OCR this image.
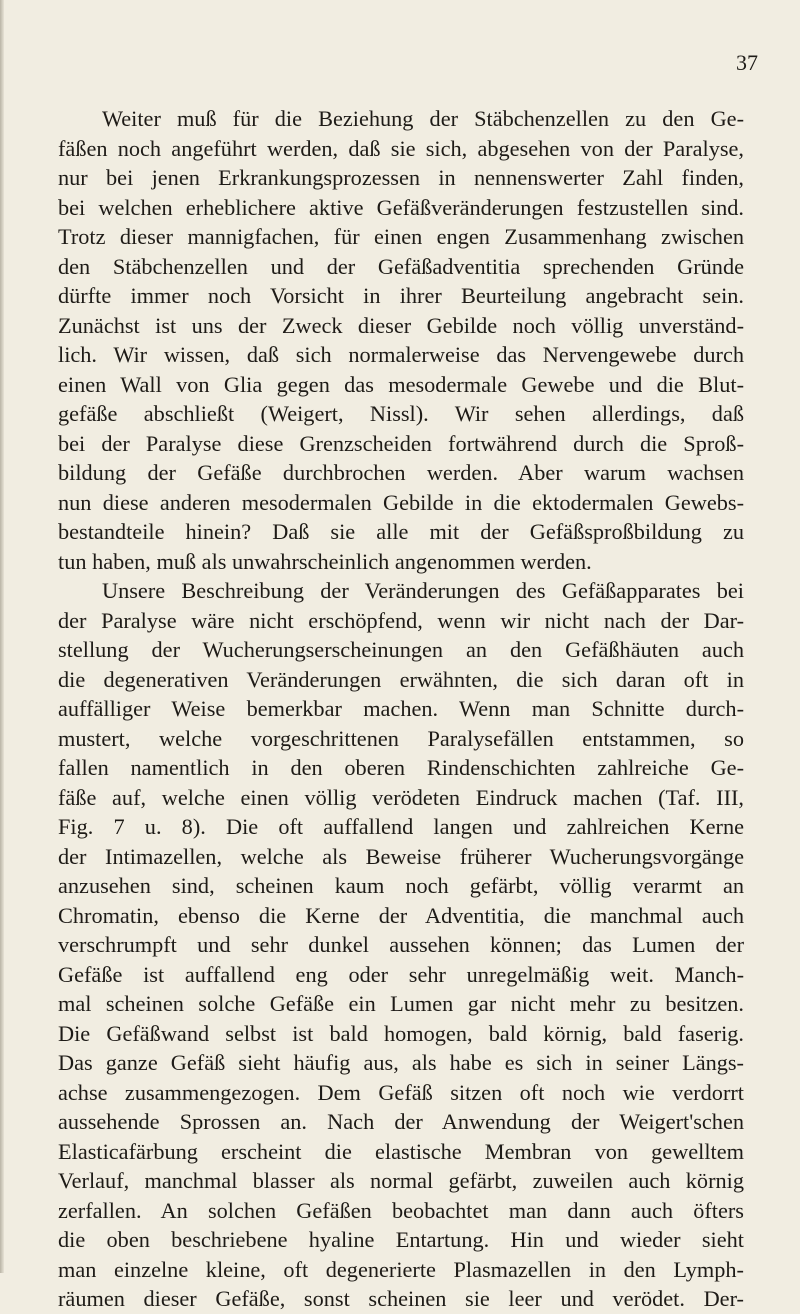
37
Weiter muß für die Beziehung der Stäbchenzellen zu den Ge-
fäßen noch angeführt werden, daß sie sich, abgesehen von der Paralyse,
nur bei jenen Erkrankungsprozessen in nennenswerter Zahl finden,
bei welchen erheblichere aktive Gefäßveränderungen festzustellen sind.
Trotz dieser mannigfachen, für einen engen Zusammenhang zwischen
den Stäbchenzellen und der Gefäßadventitia sprechenden Gründe
dürfte immer noch Vorsicht in ihrer Beurteilung angebracht sein.
Zunächst ist uns der Zweck dieser Gebilde noch völlig unverständ-
lich. Wir wissen, daß sich normalerweise das Nervengewebe durch
einen Wall von Glia gegen das mesodermale Gewebe und die Blut-
gefäße abschließt (Weigert, Nissl). Wir sehen allerdings, daß
bei der Paralyse diese Grenzscheiden fortwährend durch die Sproß-
bildung der Gefäße durchbrochen werden. Aber warum wachsen
nun diese anderen mesodermalen Gebilde in die ektodermalen Gewebs-
bestandteile hinein? Daß sie alle mit der Gefäßsproßbildung zu
tun haben, muß als unwahrscheinlich angenommen werden.
Unsere Beschreibung der Veränderungen des Gefäßapparates bei
der Paralyse wäre nicht erschöpfend, wenn wir nicht nach der Dar-
stellung der Wucherungserscheinungen an den Gefäßhäuten auch
die degenerativen Veränderungen erwähnten, die sich daran oft in
auffälliger Weise bemerkbar machen. Wenn man Schnitte durch-
mustert, welche vorgeschrittenen Paralysefällen entstammen, so
fallen namentlich in den oberen Rindenschichten zahlreiche Ge-
fäße auf, welche einen völlig verödeten Eindruck machen (Taf. III,
Fig. 7 u. 8). Die oft auffallend langen und zahlreichen Kerne
der Intimazellen, welche als Beweise früherer Wucherungsvorgänge
anzusehen sind, scheinen kaum noch gefärbt, völlig verarmt an
Chromatin, ebenso die Kerne der Adventitia, die manchmal auch
verschrumpft und sehr dunkel aussehen können; das Lumen der
Gefäße ist auffallend eng oder sehr unregelmäßig weit. Manch-
mal scheinen solche Gefäße ein Lumen gar nicht mehr zu besitzen.
Die Gefäßwand selbst ist bald homogen, bald körnig, bald faserig.
Das ganze Gefäß sieht häufig aus, als habe es sich in seiner Längs-
achse zusammengezogen. Dem Gefäß sitzen oft noch wie verdorrt
aussehende Sprossen an. Nach der Anwendung der Weigert'schen
Elasticafärbung erscheint die elastische Membran von gewelltem
Verlauf, manchmal blasser als normal gefärbt, zuweilen auch körnig
zerfallen. An solchen Gefäßen beobachtet man dann auch öfters
die oben beschriebene hyaline Entartung. Hin und wieder sieht
man einzelne kleine, oft degenerierte Plasmazellen in den Lymph-
räumen dieser Gefäße, sonst scheinen sie leer und verödet. Der-
